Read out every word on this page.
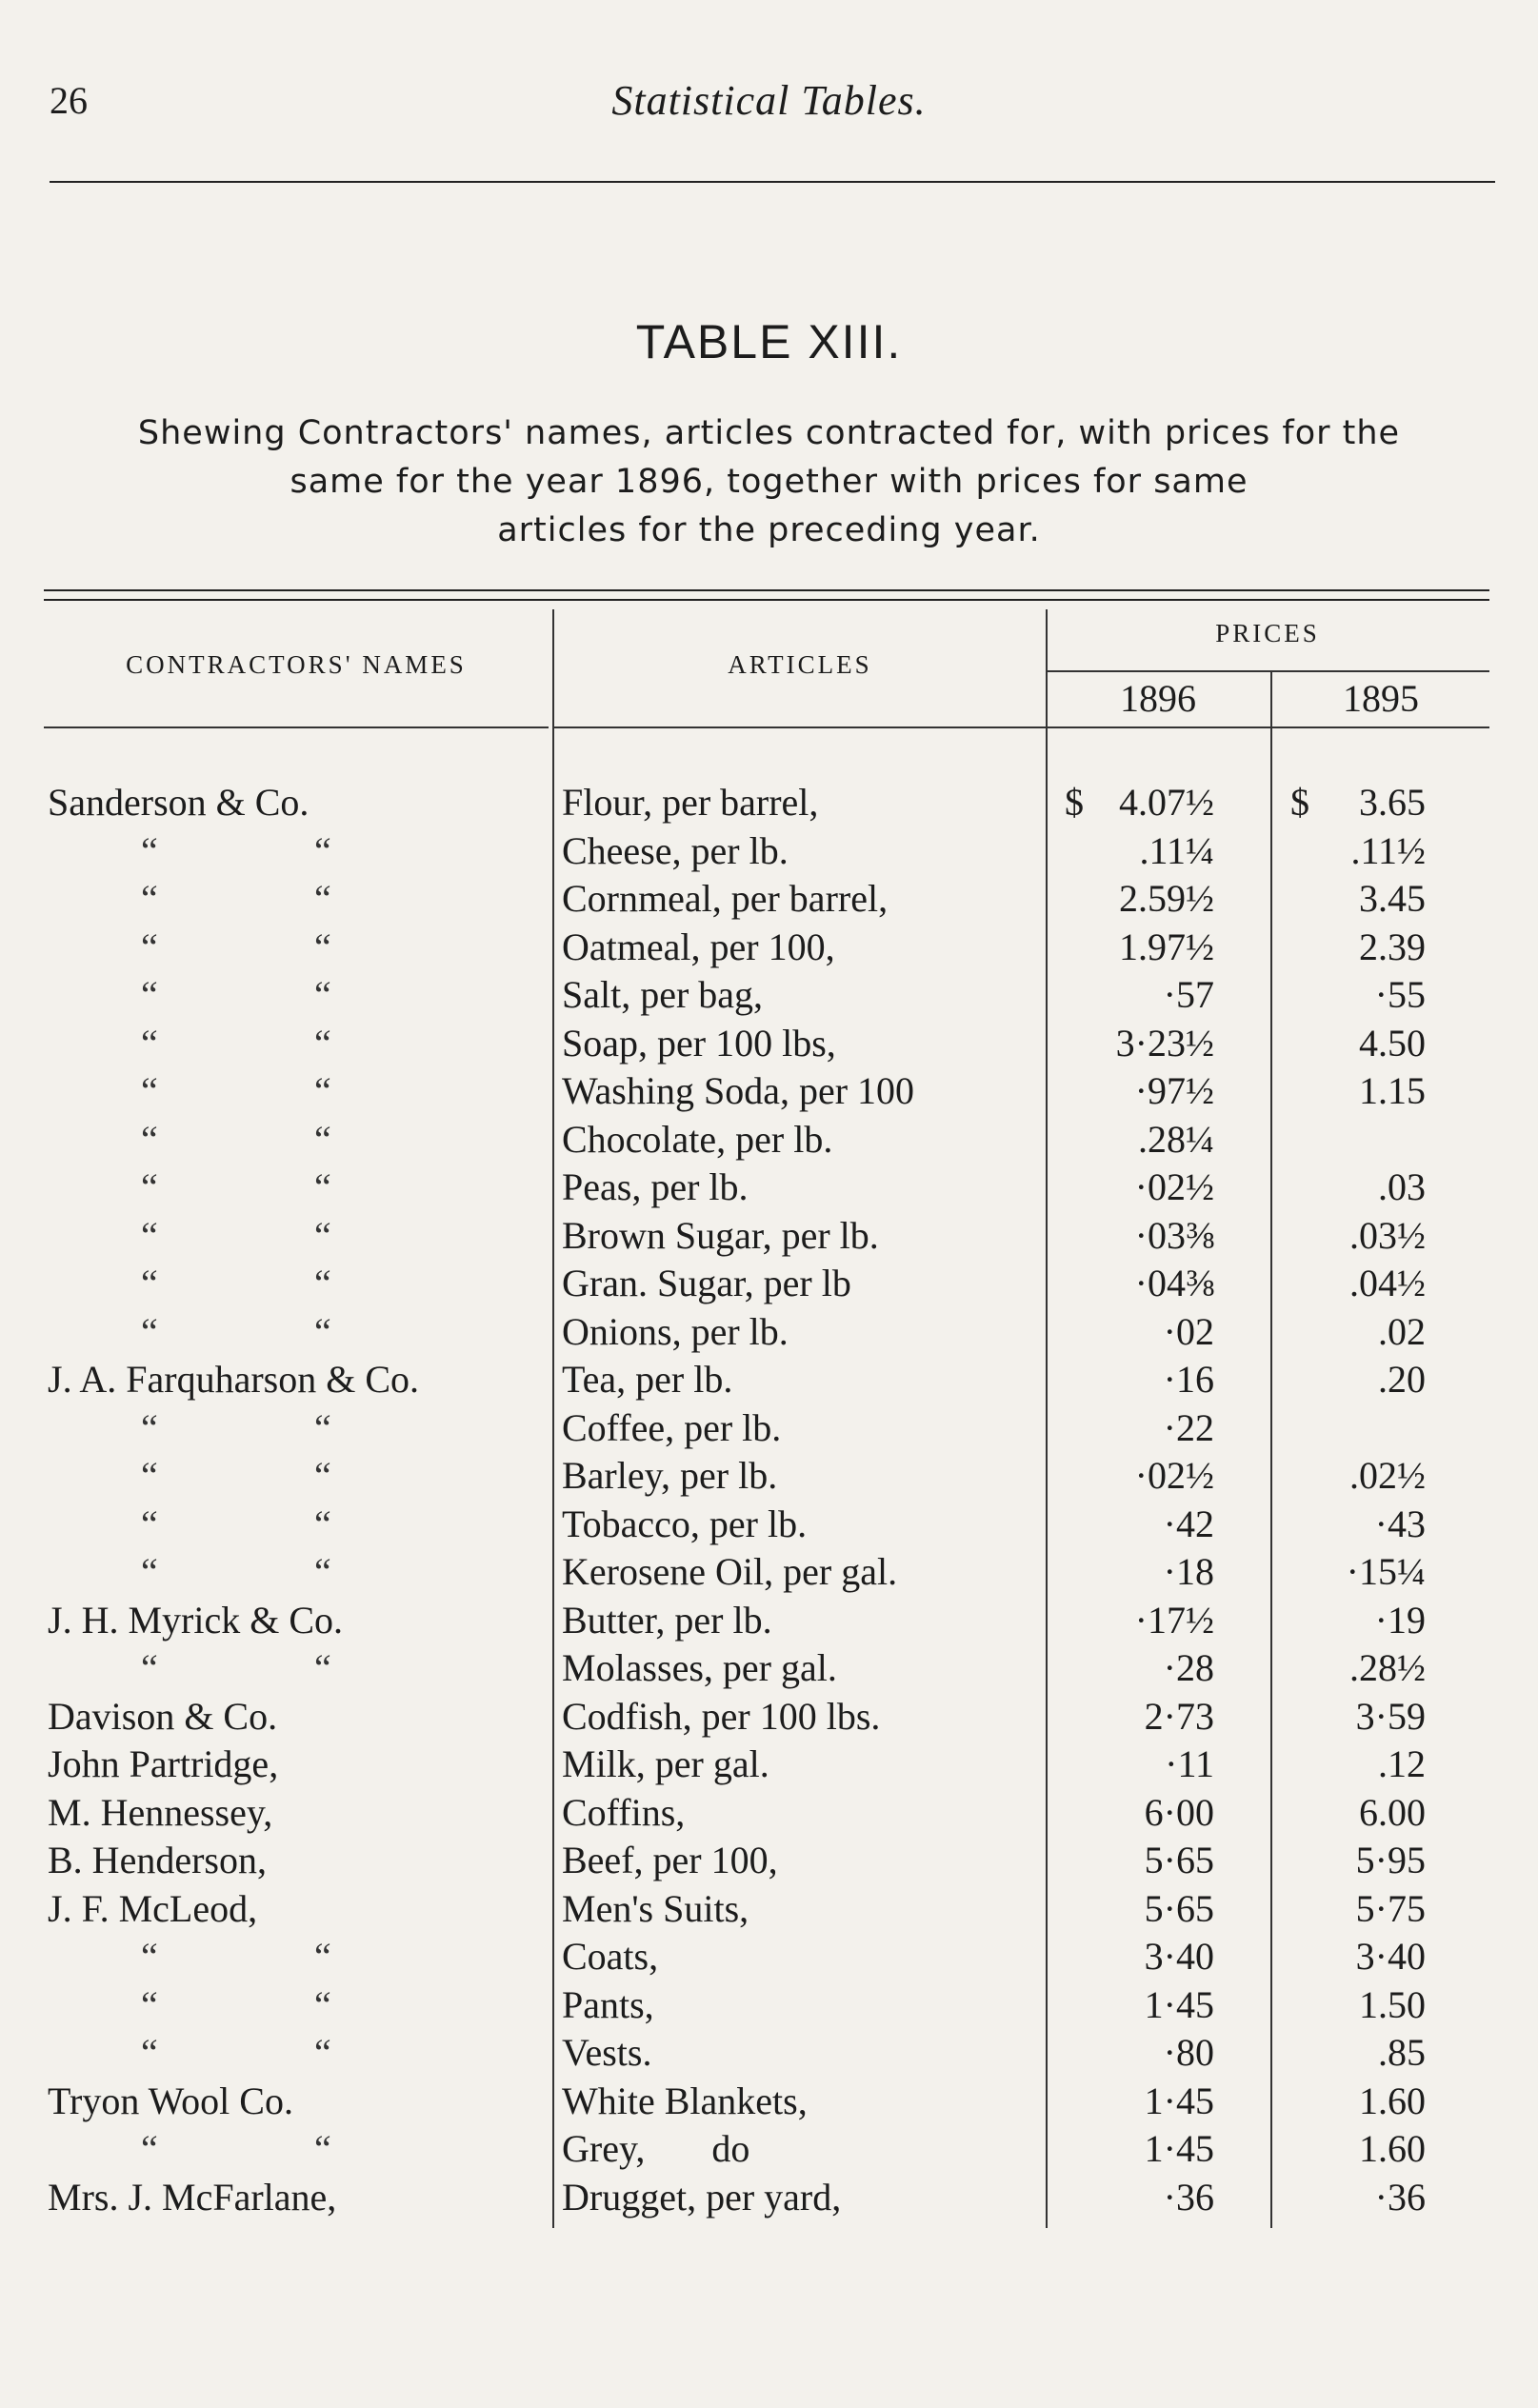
26	Statistical Tables.
TABLE XIII.
Shewing Contractors' names, articles contracted for, with prices for the
same for the year 1896, together with prices for same
articles for the preceding year.
CONTRACTORS' NAMES	ARTICLES
PRICES
1896	1895
$	$
Sanderson & Co.	Flour, per barrel,	4.07½	3.65
“	“	Cheese, per lb.	.11¼	.11½
“	“	Cornmeal, per barrel,	2.59½	3.45
“	“	Oatmeal, per 100,	1.97½	2.39
“	“	Salt, per bag,	·57	·55
“	“	Soap, per 100 lbs,	3·23½	4.50
“	“	Washing Soda, per 100	·97½	1.15
“	“	Chocolate, per lb.	.28¼
“	“	Peas, per lb.	·02½	.03
“	“	Brown Sugar, per lb.	·03⅜	.03½
“	“	Gran. Sugar, per lb	·04⅜	.04½
“	“	Onions, per lb.	·02	.02
J. A. Farquharson & Co.	Tea, per lb.	·16	.20
“	“	Coffee, per lb.	·22
“	“	Barley, per lb.	·02½	.02½
“	“	Tobacco, per lb.	·42	·43
“	“	Kerosene Oil, per gal.	·18	·15¼
J. H. Myrick & Co.	Butter, per lb.	·17½	·19
“	“	Molasses, per gal.	·28	.28½
Davison & Co.	Codfish, per 100 lbs.	2·73	3·59
John Partridge,	Milk, per gal.	·11	.12
M. Hennessey,	Coffins,	6·00	6.00
B. Henderson,	Beef, per 100,	5·65	5·95
J. F. McLeod,	Men's Suits,	5·65	5·75
“	“	Coats,	3·40	3·40
“	“	Pants,	1·45	1.50
“	“	Vests.	·80	.85
Tryon Wool Co.	White Blankets,	1·45	1.60
“	“	Grey,       do	1·45	1.60
Mrs. J. McFarlane,	Drugget, per yard,	·36	·36
